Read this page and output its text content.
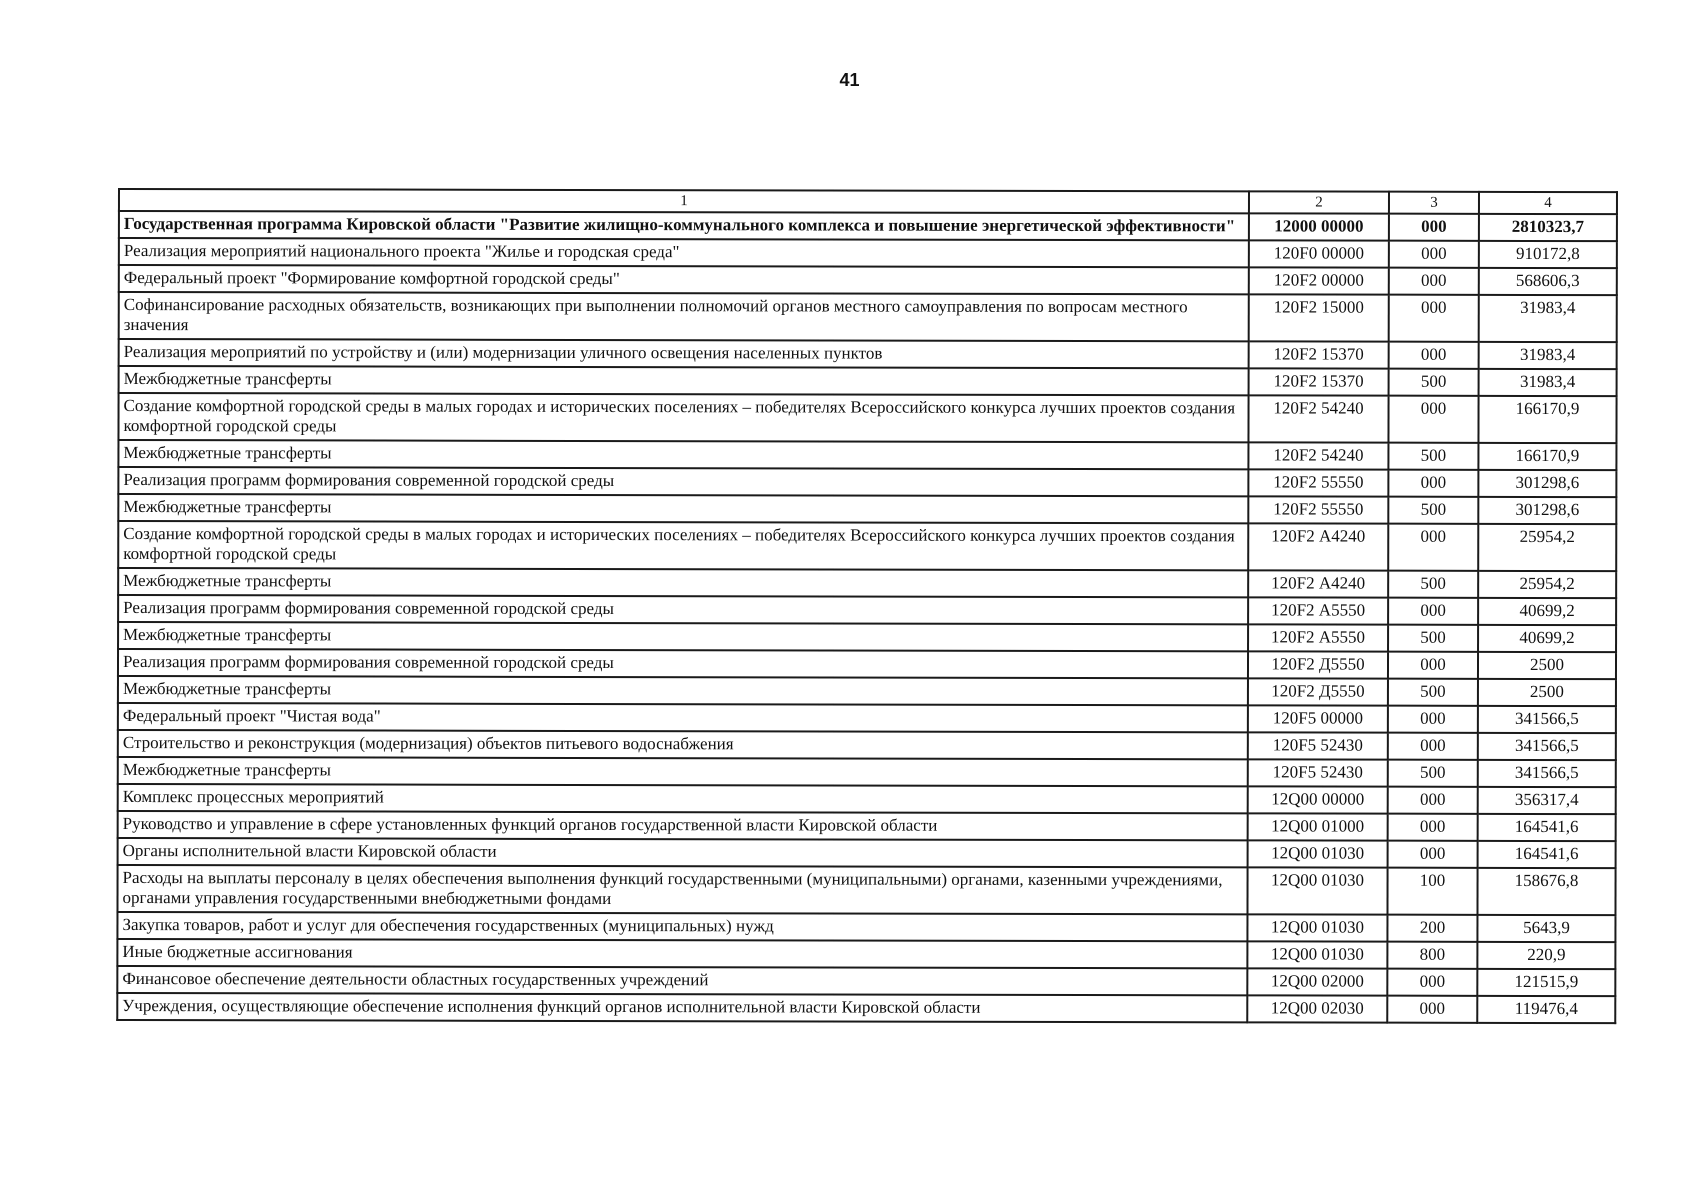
41
1	2	3	4
Государственная программа Кировской области "Развитие жилищно-коммунального комплекса и повышение энергетической эффективности"	12000 00000	000	2810323,7
Реализация мероприятий национального проекта "Жилье и городская среда"	120F0 00000	000	910172,8
Федеральный проект "Формирование комфортной городской среды"	120F2 00000	000	568606,3
Софинансирование расходных обязательств, возникающих при выполнении полномочий органов местного самоуправления по вопросам местного значения	120F2 15000	000	31983,4
Реализация мероприятий по устройству и (или) модернизации уличного освещения населенных пунктов	120F2 15370	000	31983,4
Межбюджетные трансферты	120F2 15370	500	31983,4
Создание комфортной городской среды в малых городах и исторических поселениях – победителях Всероссийского конкурса лучших проектов создания комфортной городской среды	120F2 54240	000	166170,9
Межбюджетные трансферты	120F2 54240	500	166170,9
Реализация программ формирования современной городской среды	120F2 55550	000	301298,6
Межбюджетные трансферты	120F2 55550	500	301298,6
Создание комфортной городской среды в малых городах и исторических поселениях – победителях Всероссийского конкурса лучших проектов создания комфортной городской среды	120F2 А4240	000	25954,2
Межбюджетные трансферты	120F2 А4240	500	25954,2
Реализация программ формирования современной городской среды	120F2 А5550	000	40699,2
Межбюджетные трансферты	120F2 А5550	500	40699,2
Реализация программ формирования современной городской среды	120F2 Д5550	000	2500
Межбюджетные трансферты	120F2 Д5550	500	2500
Федеральный проект "Чистая вода"	120F5 00000	000	341566,5
Строительство и реконструкция (модернизация) объектов питьевого водоснабжения	120F5 52430	000	341566,5
Межбюджетные трансферты	120F5 52430	500	341566,5
Комплекс процессных мероприятий	12Q00 00000	000	356317,4
Руководство и управление в сфере установленных функций органов государственной власти Кировской области	12Q00 01000	000	164541,6
Органы исполнительной власти Кировской области	12Q00 01030	000	164541,6
Расходы на выплаты персоналу в целях обеспечения выполнения функций государственными (муниципальными) органами, казенными учреждениями, органами управления государственными внебюджетными фондами	12Q00 01030	100	158676,8
Закупка товаров, работ и услуг для обеспечения государственных (муниципальных) нужд	12Q00 01030	200	5643,9
Иные бюджетные ассигнования	12Q00 01030	800	220,9
Финансовое обеспечение деятельности областных государственных учреждений	12Q00 02000	000	121515,9
Учреждения, осуществляющие обеспечение исполнения функций органов исполнительной власти Кировской области	12Q00 02030	000	119476,4
